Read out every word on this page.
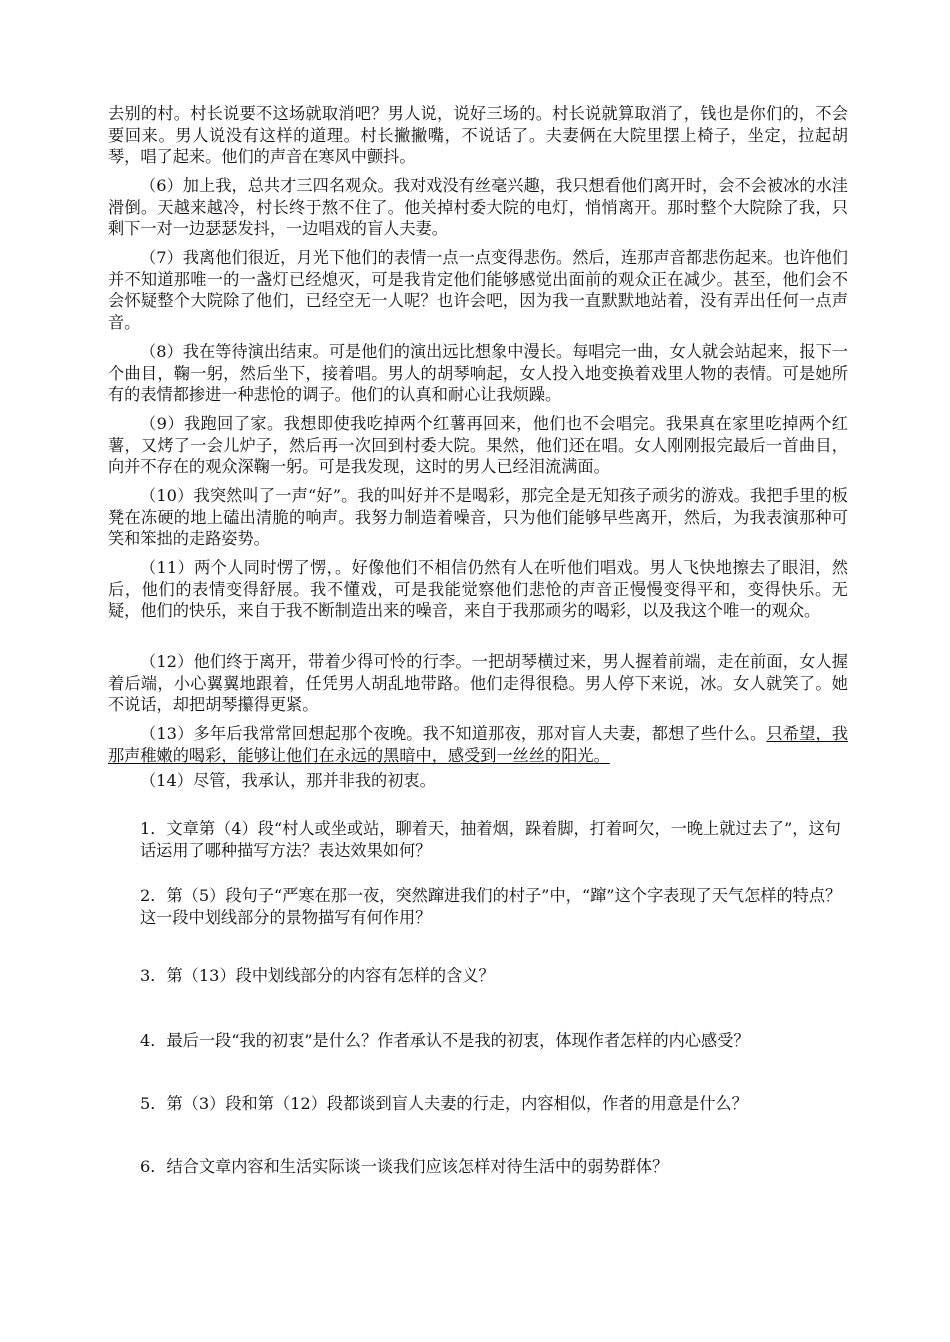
去别的村。村长说要不这场就取消吧？男人说，说好三场的。村长说就算取消了，钱也是你们的，不会要回来。男人说没有这样的道理。村长撇撇嘴，不说话了。夫妻俩在大院里摆上椅子，坐定，拉起胡琴，唱了起来。他们的声音在寒风中颤抖。

（6）加上我，总共才三四名观众。我对戏没有丝毫兴趣，我只想看他们离开时，会不会被冰的水洼滑倒。天越来越冷，村长终于熬不住了。他关掉村委大院的电灯，悄悄离开。那时整个大院除了我，只剩下一对一边瑟瑟发抖，一边唱戏的盲人夫妻。

（7）我离他们很近，月光下他们的表情一点一点变得悲伤。然后，连那声音都悲伤起来。也许他们并不知道那唯一的一盏灯已经熄灭，可是我肯定他们能够感觉出面前的观众正在减少。甚至，他们会不会怀疑整个大院除了他们，已经空无一人呢？也许会吧，因为我一直默默地站着，没有弄出任何一点声音。

（8）我在等待演出结束。可是他们的演出远比想象中漫长。每唱完一曲，女人就会站起来，报下一个曲目，鞠一躬，然后坐下，接着唱。男人的胡琴响起，女人投入地变换着戏里人物的表情。可是她所有的表情都掺进一种悲怆的调子。他们的认真和耐心让我烦躁。

（9）我跑回了家。我想即使我吃掉两个红薯再回来，他们也不会唱完。我果真在家里吃掉两个红薯，又烤了一会儿炉子，然后再一次回到村委大院。果然，他们还在唱。女人刚刚报完最后一首曲目，向并不存在的观众深鞠一躬。可是我发现，这时的男人已经泪流满面。

（10）我突然叫了一声“好”。我的叫好并不是喝彩，那完全是无知孩子顽劣的游戏。我把手里的板凳在冻硬的地上磕出清脆的响声。我努力制造着噪音，只为他们能够早些离开，然后，为我表演那种可笑和笨拙的走路姿势。

（11）两个人同时愣了愣，。好像他们不相信仍然有人在听他们唱戏。男人飞快地擦去了眼泪，然后，他们的表情变得舒展。我不懂戏，可是我能觉察他们悲怆的声音正慢慢变得平和，变得快乐。无疑，他们的快乐，来自于我不断制造出来的噪音，来自于我那顽劣的喝彩，以及我这个唯一的观众。

（12）他们终于离开，带着少得可怜的行李。一把胡琴横过来，男人握着前端，走在前面，女人握着后端，小心翼翼地跟着，任凭男人胡乱地带路。他们走得很稳。男人停下来说，冰。女人就笑了。她不说话，却把胡琴攥得更紧。

（13）多年后我常常回想起那个夜晚。我不知道那夜，那对盲人夫妻，都想了些什么。只希望，我那声稚嫩的喝彩，能够让他们在永远的黑暗中，感受到一丝丝的阳光。

（14）尽管，我承认，那并非我的初衷。

1．文章第（4）段“村人或坐或站，聊着天，抽着烟，跺着脚，打着呵欠，一晚上就过去了”，这句话运用了哪种描写方法？表达效果如何？

2．第（5）段句子“严寒在那一夜，突然蹿进我们的村子”中，“蹿”这个字表现了天气怎样的特点？这一段中划线部分的景物描写有何作用？

3．第（13）段中划线部分的内容有怎样的含义？

4．最后一段“我的初衷”是什么？作者承认不是我的初衷，体现作者怎样的内心感受？

5．第（3）段和第（12）段都谈到盲人夫妻的行走，内容相似，作者的用意是什么？

6．结合文章内容和生活实际谈一谈我们应该怎样对待生活中的弱势群体？
